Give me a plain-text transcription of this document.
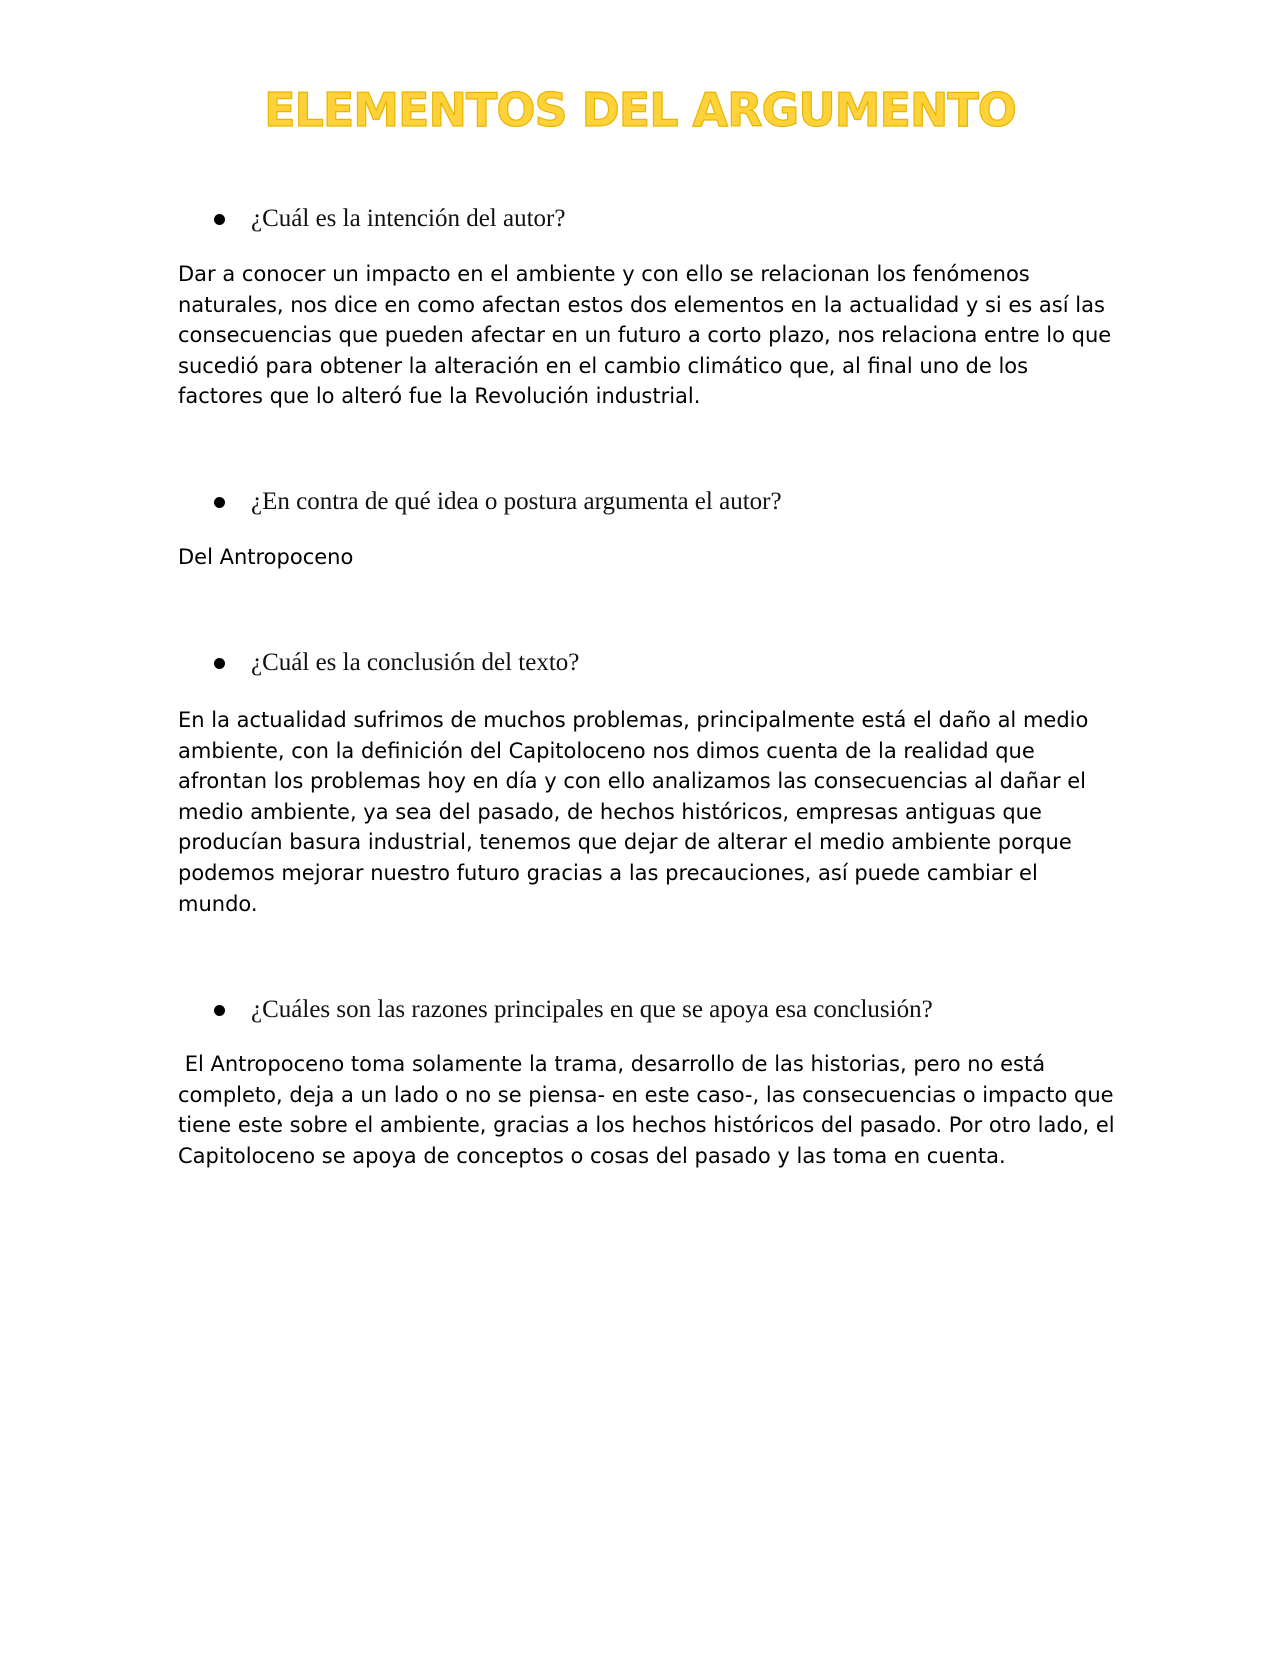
ELEMENTOS DEL ARGUMENTO
¿Cuál es la intención del autor?

Dar a conocer un impacto en el ambiente y con ello se relacionan los fenómenos naturales, nos dice en como afectan estos dos elementos en la actualidad y si es así las consecuencias que pueden afectar en un futuro a corto plazo, nos relaciona entre lo que sucedió para obtener la alteración en el cambio climático que, al final uno de los factores que lo alteró fue la Revolución industrial.

¿En contra de qué idea o postura argumenta el autor?

Del Antropoceno

¿Cuál es la conclusión del texto?

En la actualidad sufrimos de muchos problemas, principalmente está el daño al medio ambiente, con la definición del Capitoloceno nos dimos cuenta de la realidad que afrontan los problemas hoy en día y con ello analizamos las consecuencias al dañar el medio ambiente, ya sea del pasado, de hechos históricos, empresas antiguas que producían basura industrial, tenemos que dejar de alterar el medio ambiente porque podemos mejorar nuestro futuro gracias a las precauciones, así puede cambiar el mundo.

¿Cuáles son las razones principales en que se apoya esa conclusión?

El Antropoceno toma solamente la trama, desarrollo de las historias, pero no está completo, deja a un lado o no se piensa- en este caso-, las consecuencias o impacto que tiene este sobre el ambiente, gracias a los hechos históricos del pasado. Por otro lado, el Capitoloceno se apoya de conceptos o cosas del pasado y las toma en cuenta.
